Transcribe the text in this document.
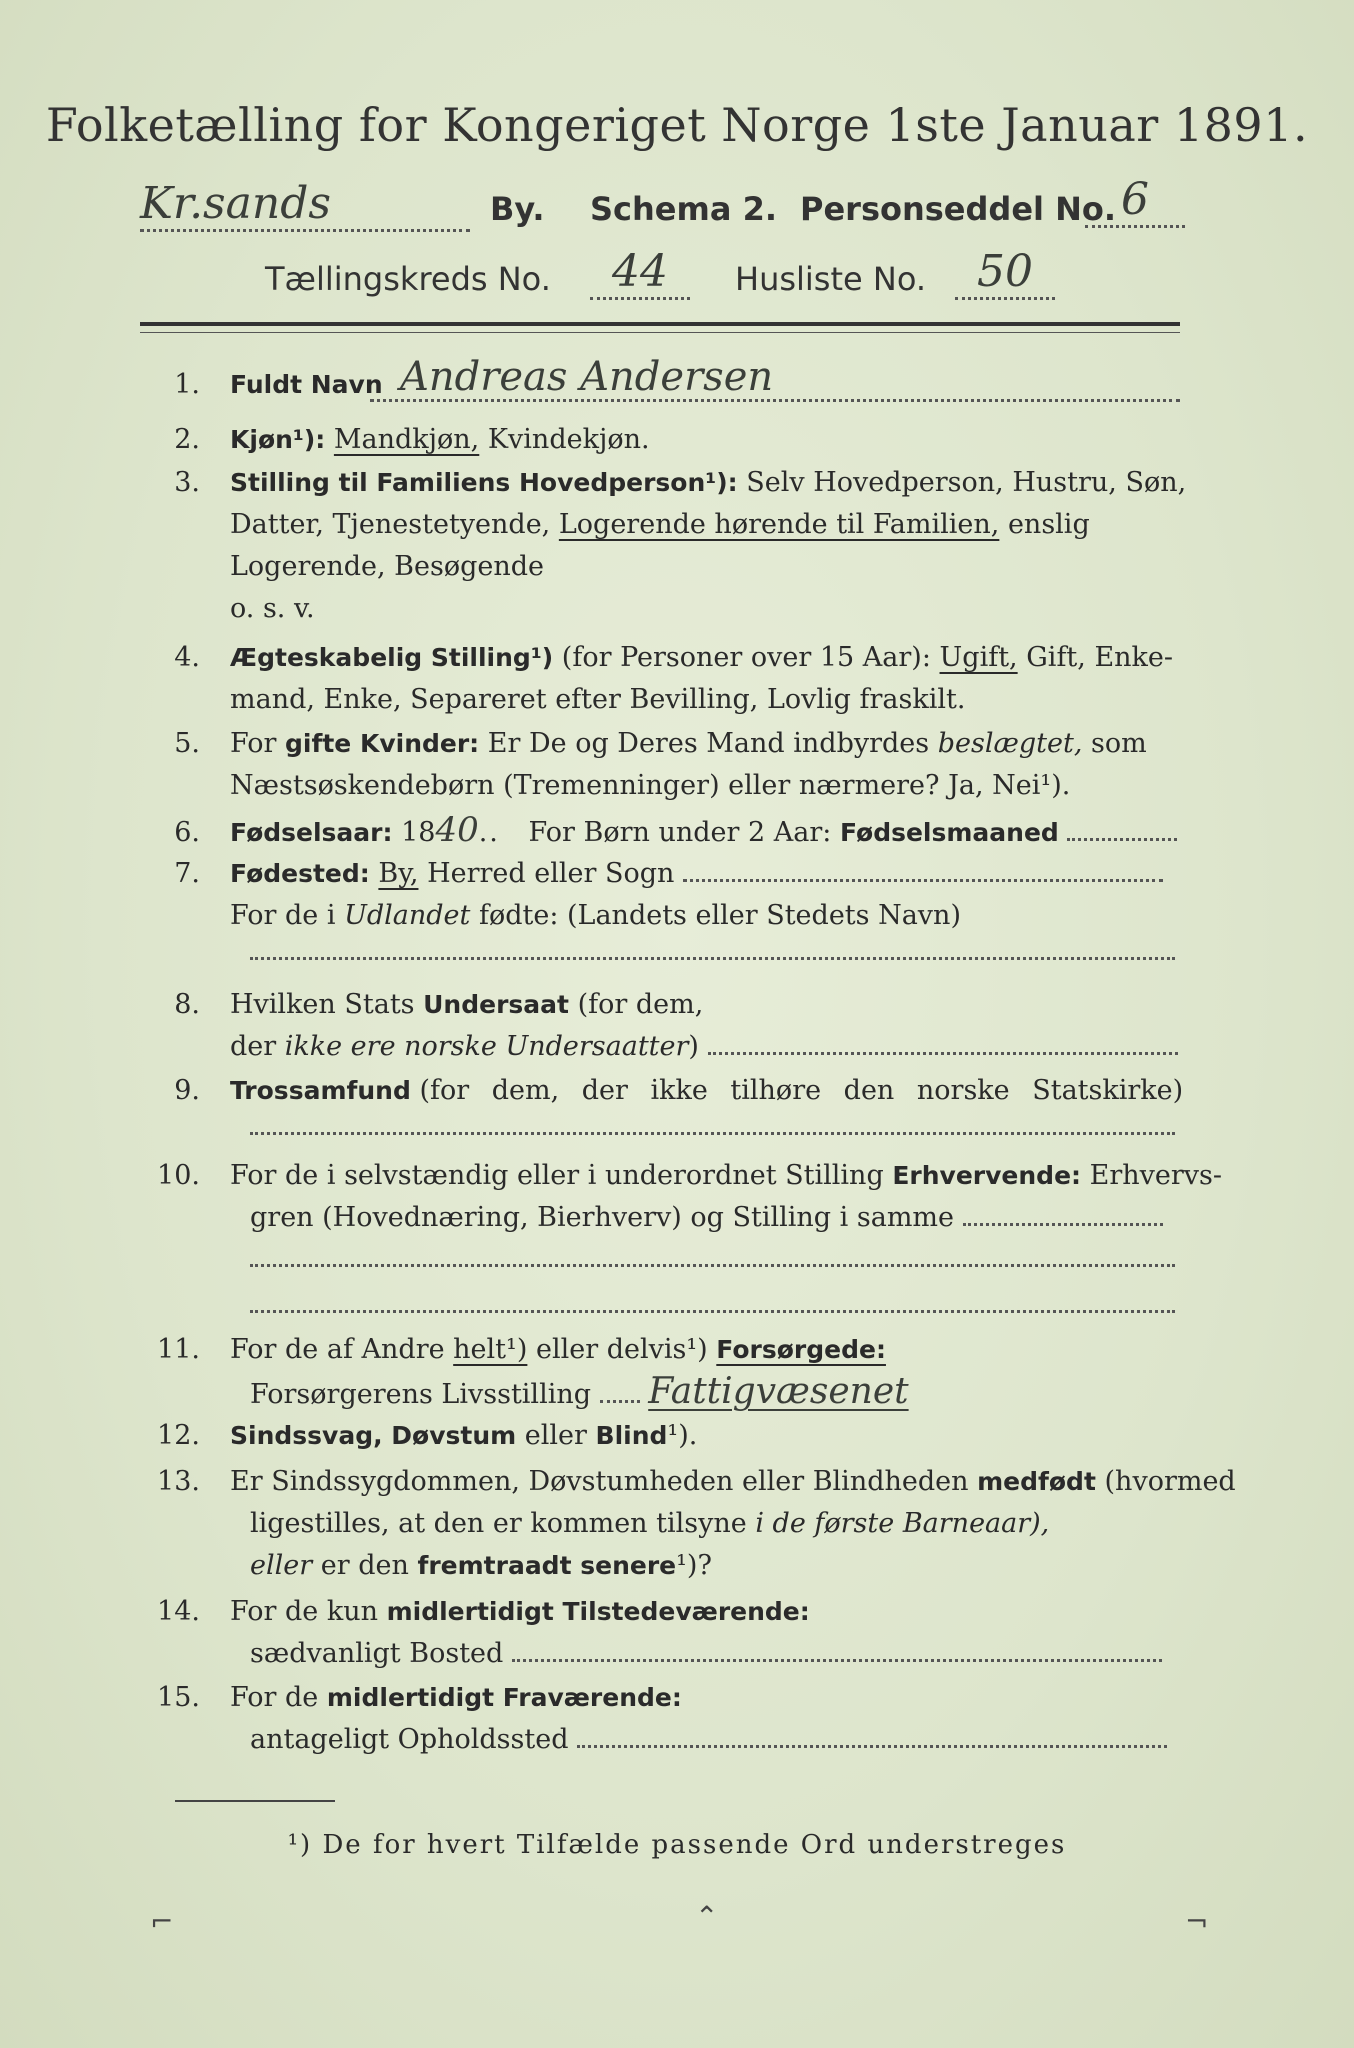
Folketælling for Kongeriget Norge 1ste Januar 1891.
Kr.sands	By. Schema 2. Personseddel No. 6
Tællingskreds No.	44	Husliste No.	50
1. Fuldt Navn Andreas Andersen
2. Kjøn¹): Mandkjøn, Kvindekjøn.
3. Stilling til Familiens Hovedperson¹): Selv Hovedperson, Hustru, Søn,
Datter, Tjenestetyende, Logerende hørende til Familien, enslig
Logerende, Besøgende
o. s. v.
4. Ægteskabelig Stilling¹) (for Personer over 15 Aar): Ugift, Gift, Enke-
mand, Enke, Separeret efter Bevilling, Lovlig fraskilt.
5. For gifte Kvinder: Er De og Deres Mand indbyrdes beslægtet, som
Næstsøskendebørn (Tremenninger) eller nærmere? Ja, Nei¹).
6. Fødselsaar: 1840.. For Børn under 2 Aar: Fødselsmaaned
7. Fødested: By, Herred eller Sogn
For de i Udlandet fødte: (Landets eller Stedets Navn)
8. Hvilken Stats Undersaat (for dem,
der ikke ere norske Undersaatter)
9. Trossamfund (for dem, der ikke tilhøre den norske Statskirke)
10. For de i selvstændig eller i underordnet Stilling Erhvervende: Erhvervs-
gren (Hovednæring, Bierhverv) og Stilling i samme
11. For de af Andre helt¹) eller delvis¹) Forsørgede:
Forsørgerens Livsstilling Fattigvæsenet
12. Sindssvag, Døvstum eller Blind¹).
13. Er Sindssygdommen, Døvstumheden eller Blindheden medfødt (hvormed
ligestilles, at den er kommen tilsyne i de første Barneaar),
eller er den fremtraadt senere¹)?
14. For de kun midlertidigt Tilstedeværende:
sædvanligt Bosted
15. For de midlertidigt Fraværende:
antageligt Opholdssted
¹) De for hvert Tilfælde passende Ord understreges
⌐	⌃	¬
